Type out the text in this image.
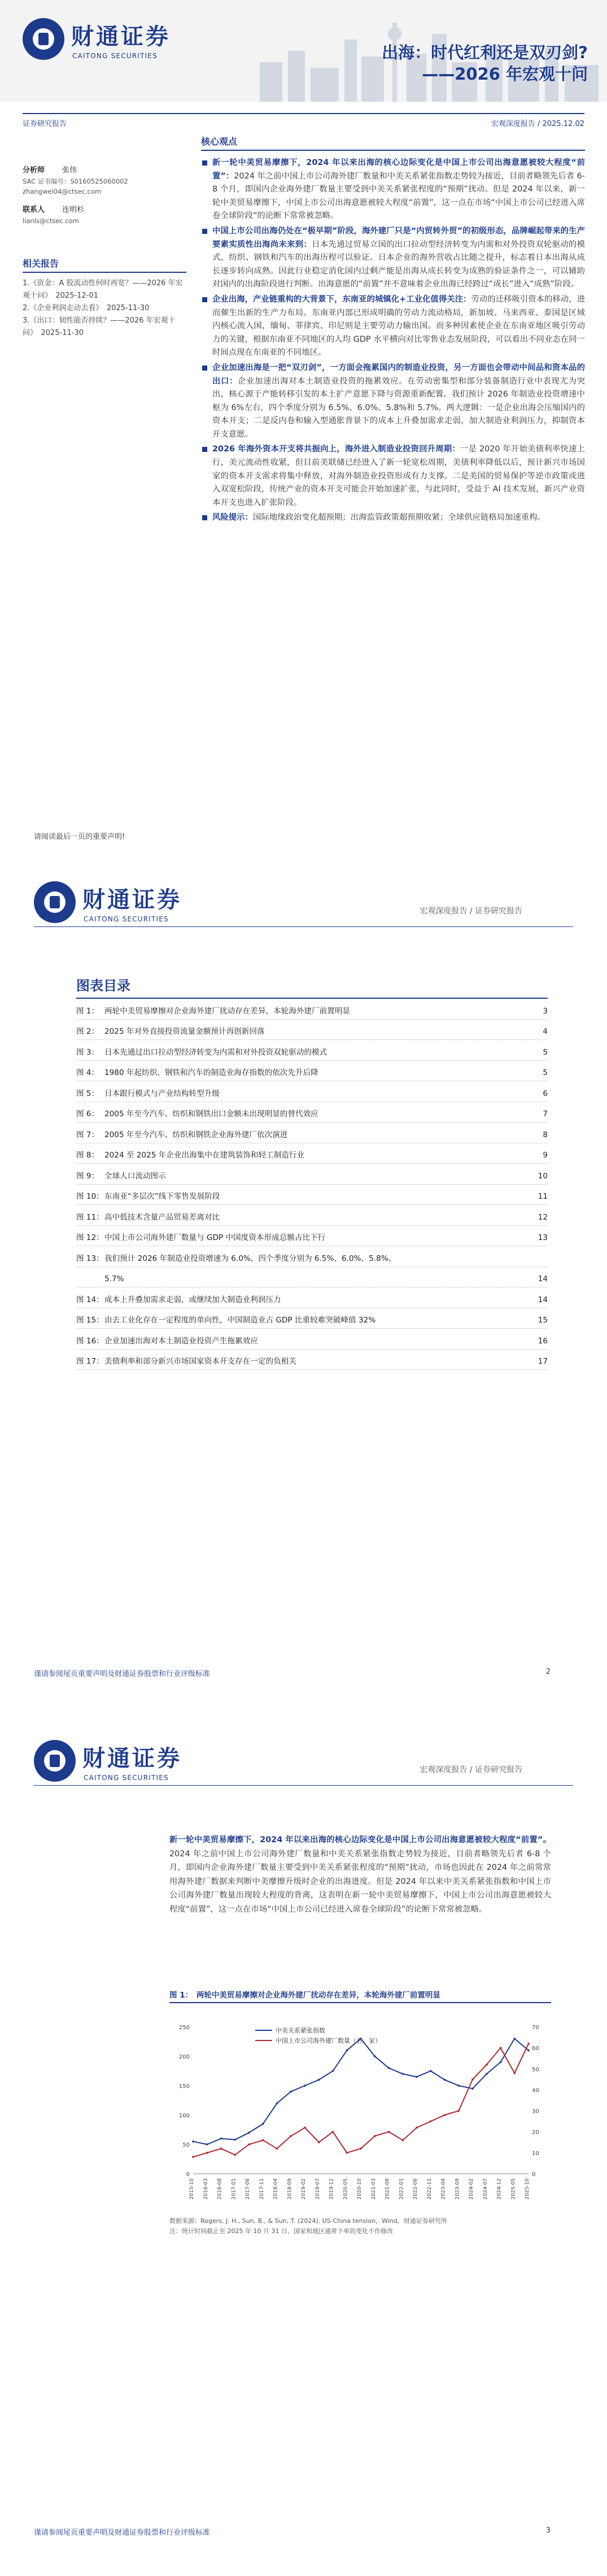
财通证券
CAITONG SECURITIES	出海：时代红利还是双刃剑?
——2026 年宏观十问
证券研究报告	宏观深度报告 / 2025.12.02
分析师	张伟
SAC 证书编号：S0160525060002
zhangwei04@ctsec.com
联系人	连明杉
lianls@ctsec.com
相关报告
1.《资金：A 股流动性何时再宽？——2026 年宏观十问》　2025-12-01
2.《企业利润走动去看》　2025-11-30
3.《出口：韧性能否持续？——2026 年宏观十问》　2025-11-30
核心观点
新一轮中美贸易摩擦下，2024 年以来出海的核心边际变化是中国上市公司出海意愿被较大程度“前置”：2024 年之前中国上市公司海外建厂数量和中美关系紧张指数走势较为接近，目前者略领先后者 6-8 个月，即国内企业海外建厂数量主要受到中美关系紧张程度的“预期”扰动。但是 2024 年以来，新一轮中美贸易摩擦下，中国上市公司出海意愿被较大程度“前置”，这一点在市场“中国上市公司已经进入席卷全球阶段”的论断下常常被忽略。
中国上市公司出海仍处在“极早期”阶段，海外建厂只是“内贸转外贸”的初级形态，品牌崛起带来的生产要素实质性出海尚未来到：日本先通过贸易立国的出口拉动型经济转变为内需和对外投资双轮驱动的模式，纺织、钢铁和汽车的出海历程可以验证。日本企业的海外营收占比随之提升，标志着日本出海从成长逐步转向成熟。因此行业稳定消化国内过剩产能是出海从成长转变为成熟的验证条件之一，可以辅助对国内的出海阶段进行判断。出海意愿的“前置”并不意味着企业出海已经跨过“成长”进入“成熟”阶段。
企业出海，产业链重构的大背景下，东南亚的城镇化+工业化值得关注：劳动的迁移吸引资本的移动，进而催生出新的生产力布局。东南亚内部已形成明确的劳动力流动格局，新加坡、马来西亚、泰国是区域内核心流入国，缅甸、菲律宾、印尼则是主要劳动力输出国。而多种因素使企业在东南亚地区吸引劳动力的关键，根据东南亚不同地区的人均 GDP 水平横向对比零售业态发展阶段，可以看出不同业态在同一时间点现在东南亚的不同地区。
企业加速出海是一把“双刃剑”，一方面会拖累国内的制造业投资，另一方面也会带动中间品和资本品的出口：企业加速出海对本土制造业投资的拖累效应。在劳动密集型和部分装备制造行业中表现尤为突出，核心源于产能转移引发的本土扩产意愿下降与资源重新配置。我们预计 2026 年制造业投资增速中枢为 6%左右，四个季度分别为 6.5%、6.0%、5.8%和 5.7%。两大逻辑：一是企业出海会压缩国内的资本开支；二是反内卷和输入型通胀背景下的成本上升叠加需求走弱，加大制造业利润压力，抑制资本开支意愿。
2026 年海外资本开支将共振向上，海外进入制造业投资回升周期：一是 2020 年开始美债利率快速上行，美元流动性收紧，但目前美联储已经进入了新一轮宽松周期，美债利率降低以后，预计新兴市场国家的资本开支需求将集中释放，对海外制造业投资形成有力支撑。二是美国的贸易保护等逆市政策或进入双宽松阶段，传统产业的资本开支可能会开始加速扩张，与此同时，受益于 AI 技术发展，新兴产业资本开支也进入扩张阶段。
风险提示：国际地缘政治变化超预期；出海监管政策超预期收紧；全球供应链格局加速重构。
请阅读最后一页的重要声明!
财通证券
CAITONG SECURITIES
宏观深度报告 / 证券研究报告
图表目录
图 1： 两轮中美贸易摩擦对企业海外建厂扰动存在差异，本轮海外建厂前置明显	3
图 2： 2025 年对外直接投资流量金额预计再创新回落	4
图 3： 日本先通过出口拉动型经济转变为内需和对外投资双轮驱动的模式	5
图 4： 1980 年起纺织、钢铁和汽车的制造业海存指数的依次先升后降	5
图 5： 日本跟行模式与产业结构转型升级	6
图 6： 2005 年至今汽车、纺织和钢铁出口金额未出现明显的替代效应	7
图 7： 2005 年至今汽车、纺织和钢铁企业海外建厂依次演进	8
图 8： 2024 至 2025 年企业出海集中在建筑装饰和轻工制造行业	9
图 9： 全球人口流动图示	10
图 10： 东南亚“多层次”线下零售发展阶段	11
图 11： 高中低技术含量产品贸易差离对比	12
图 12： 中国上市公司海外建厂数量与 GDP 中国度资本形成总额占比下行	13
图 13： 我们预计 2026 年制造业投资增速为 6.0%，四个季度分别为 6.5%、6.0%、5.8%、
5.7%	14
图 14： 成本上升叠加需求走弱，或继续加大制造业利润压力	14
图 15： 由去工业化存在一定程度的单向性，中国制造业占 GDP 比重较难突破峰值 32%	15
图 16： 企业加速出海对本土制造业投资产生拖累效应	16
图 17： 美债利率和部分新兴市场国家资本开支存在一定的负相关	17
谨请参阅尾页重要声明及财通证券股票和行业评级标准	2
财通证券
CAITONG SECURITIES
宏观深度报告 / 证券研究报告
新一轮中美贸易摩擦下，2024 年以来出海的核心边际变化是中国上市公司出海意愿被较大程度“前置”。2024 年之前中国上市公司海外建厂数量和中美关系紧张指数走势较为接近，目前者略领先后者 6-8 个月，即国内企业海外建厂数量主要受到中美关系紧张程度的“预期”扰动，市场也因此在 2024 年之前常常用海外建厂数据来判断中美摩擦升级时企业的出海进度。但是 2024 年以来中美关系紧张指数和中国上市公司海外建厂数量出现较大程度的背离，这表明在新一轮中美贸易摩擦下，中国上市公司出海意愿被较大程度“前置”，这一点在市场“中国上市公司已经进入席卷全球阶段”的论断下常常被忽略。
图 1：　两轮中美贸易摩擦对企业海外建厂扰动存在差异，本轮海外建厂前置明显
0
50
100
150
200
250
0
10
20
30
40
50
60
70
2015-10 2016-03 2016-08 2017-01 2017-06 2017-11 2018-04 2018-09 2019-02 2019-07 2019-12 2020-05 2020-10 2021-03 2021-08 2022-01 2022-06 2022-11 2023-04 2023-09 2024-02 2024-07 2024-12 2025-05 2025-10
中美关系紧张指数
中国上市公司海外建厂数量（右，家）
数据来源：Rogers, J. H., Sun, B., & Sun, T. (2024). US-China tension，Wind，财通证券研究所
注：统计时间截止至 2025 年 10 月 31 日，国家和地区通常下单的变化不作修改
谨请参阅尾页重要声明及财通证券股票和行业评级标准	3
